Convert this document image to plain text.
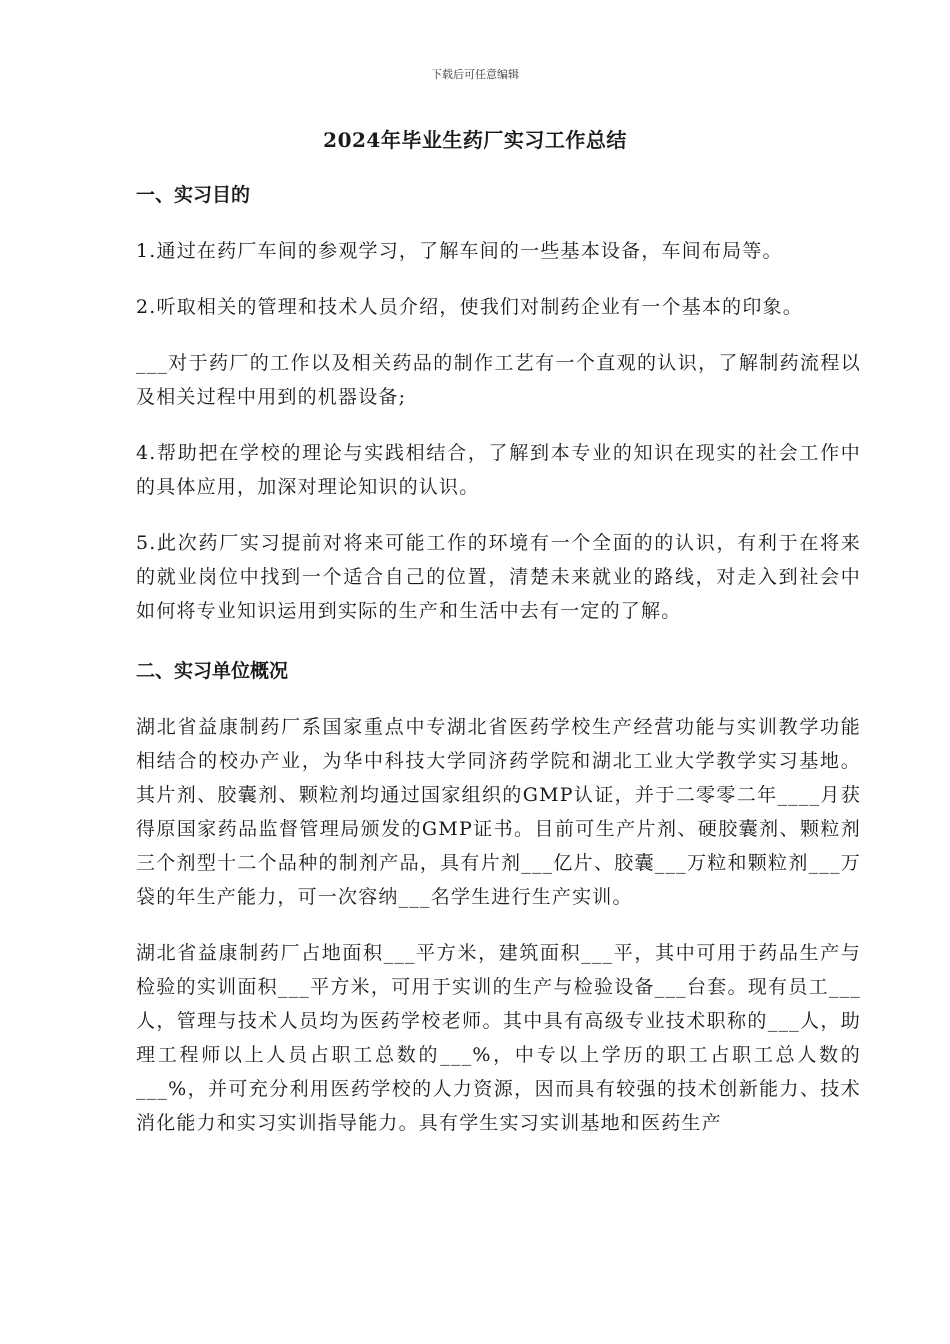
下载后可任意编辑
2024年毕业生药厂实习工作总结
一、实习目的

1.通过在药厂车间的参观学习，了解车间的一些基本设备，车间布局等。

2.听取相关的管理和技术人员介绍，使我们对制药企业有一个基本的印象。

___对于药厂的工作以及相关药品的制作工艺有一个直观的认识，了解制药流程以及相关过程中用到的机器设备;

4.帮助把在学校的理论与实践相结合，了解到本专业的知识在现实的社会工作中的具体应用，加深对理论知识的认识。

5.此次药厂实习提前对将来可能工作的环境有一个全面的的认识，有利于在将来的就业岗位中找到一个适合自己的位置，清楚未来就业的路线，对走入到社会中如何将专业知识运用到实际的生产和生活中去有一定的了解。

二、实习单位概况

湖北省益康制药厂系国家重点中专湖北省医药学校生产经营功能与实训教学功能相结合的校办产业，为华中科技大学同济药学院和湖北工业大学教学实习基地。其片剂、胶囊剂、颗粒剂均通过国家组织的GMP认证，并于二零零二年____月获得原国家药品监督管理局颁发的GMP证书。目前可生产片剂、硬胶囊剂、颗粒剂三个剂型十二个品种的制剂产品，具有片剂___亿片、胶囊___万粒和颗粒剂___万袋的年生产能力，可一次容纳___名学生进行生产实训。

湖北省益康制药厂占地面积___平方米，建筑面积___平，其中可用于药品生产与检验的实训面积___平方米，可用于实训的生产与检验设备___台套。现有员工___人，管理与技术人员均为医药学校老师。其中具有高级专业技术职称的___人，助理工程师以上人员占职工总数的___%，中专以上学历的职工占职工总人数的___%，并可充分利用医药学校的人力资源，因而具有较强的技术创新能力、技术消化能力和实习实训指导能力。具有学生实习实训基地和医药生产
